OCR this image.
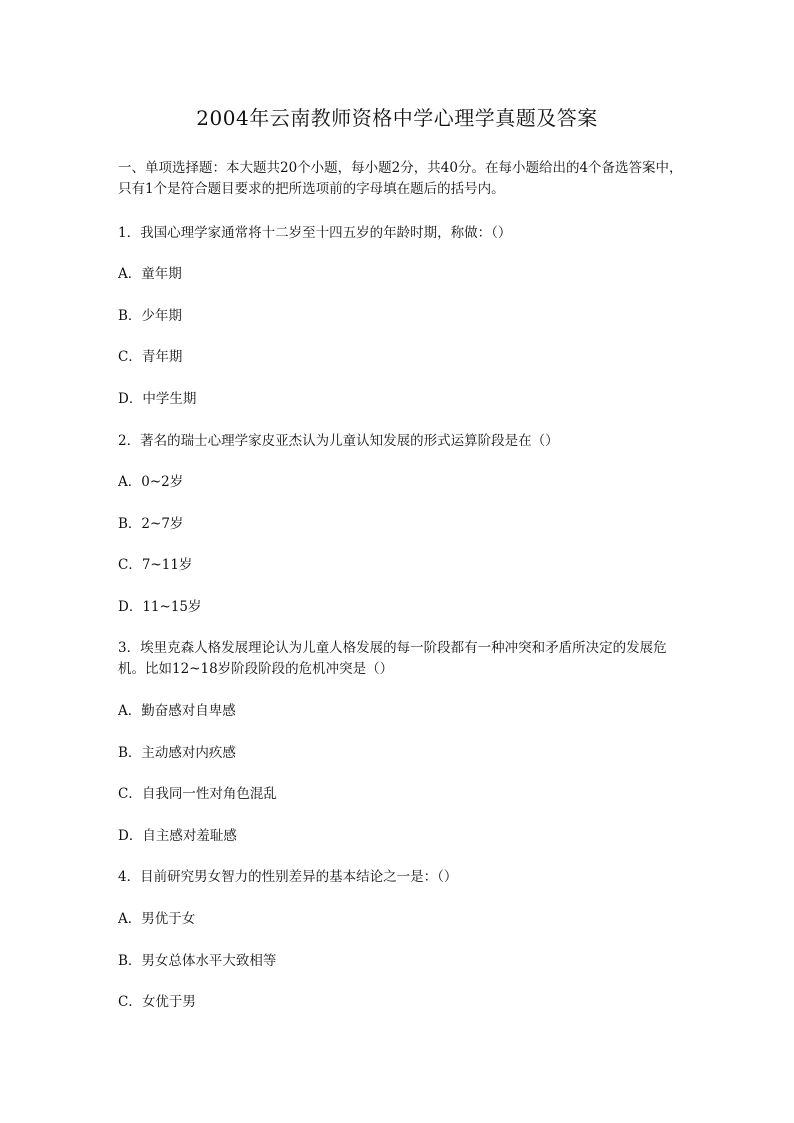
2004年云南教师资格中学心理学真题及答案
一、单项选择题：本大题共20个小题，每小题2分，共40分。在每小题给出的4个备选答案中，只有1个是符合题目要求的把所选项前的字母填在题后的括号内。
1．我国心理学家通常将十二岁至十四五岁的年龄时期，称做：（）
A．童年期
B．少年期
C．青年期
D．中学生期
2．著名的瑞士心理学家皮亚杰认为儿童认知发展的形式运算阶段是在（）
A．0~2岁
B．2~7岁
C．7~11岁
D．11~15岁
3．埃里克森人格发展理论认为儿童人格发展的每一阶段都有一种冲突和矛盾所决定的发展危机。比如12~18岁阶段阶段的危机冲突是（）
A．勤奋感对自卑感
B．主动感对内疚感
C．自我同一性对角色混乱
D．自主感对羞耻感
4．目前研究男女智力的性别差异的基本结论之一是：（）
A．男优于女
B．男女总体水平大致相等
C．女优于男
